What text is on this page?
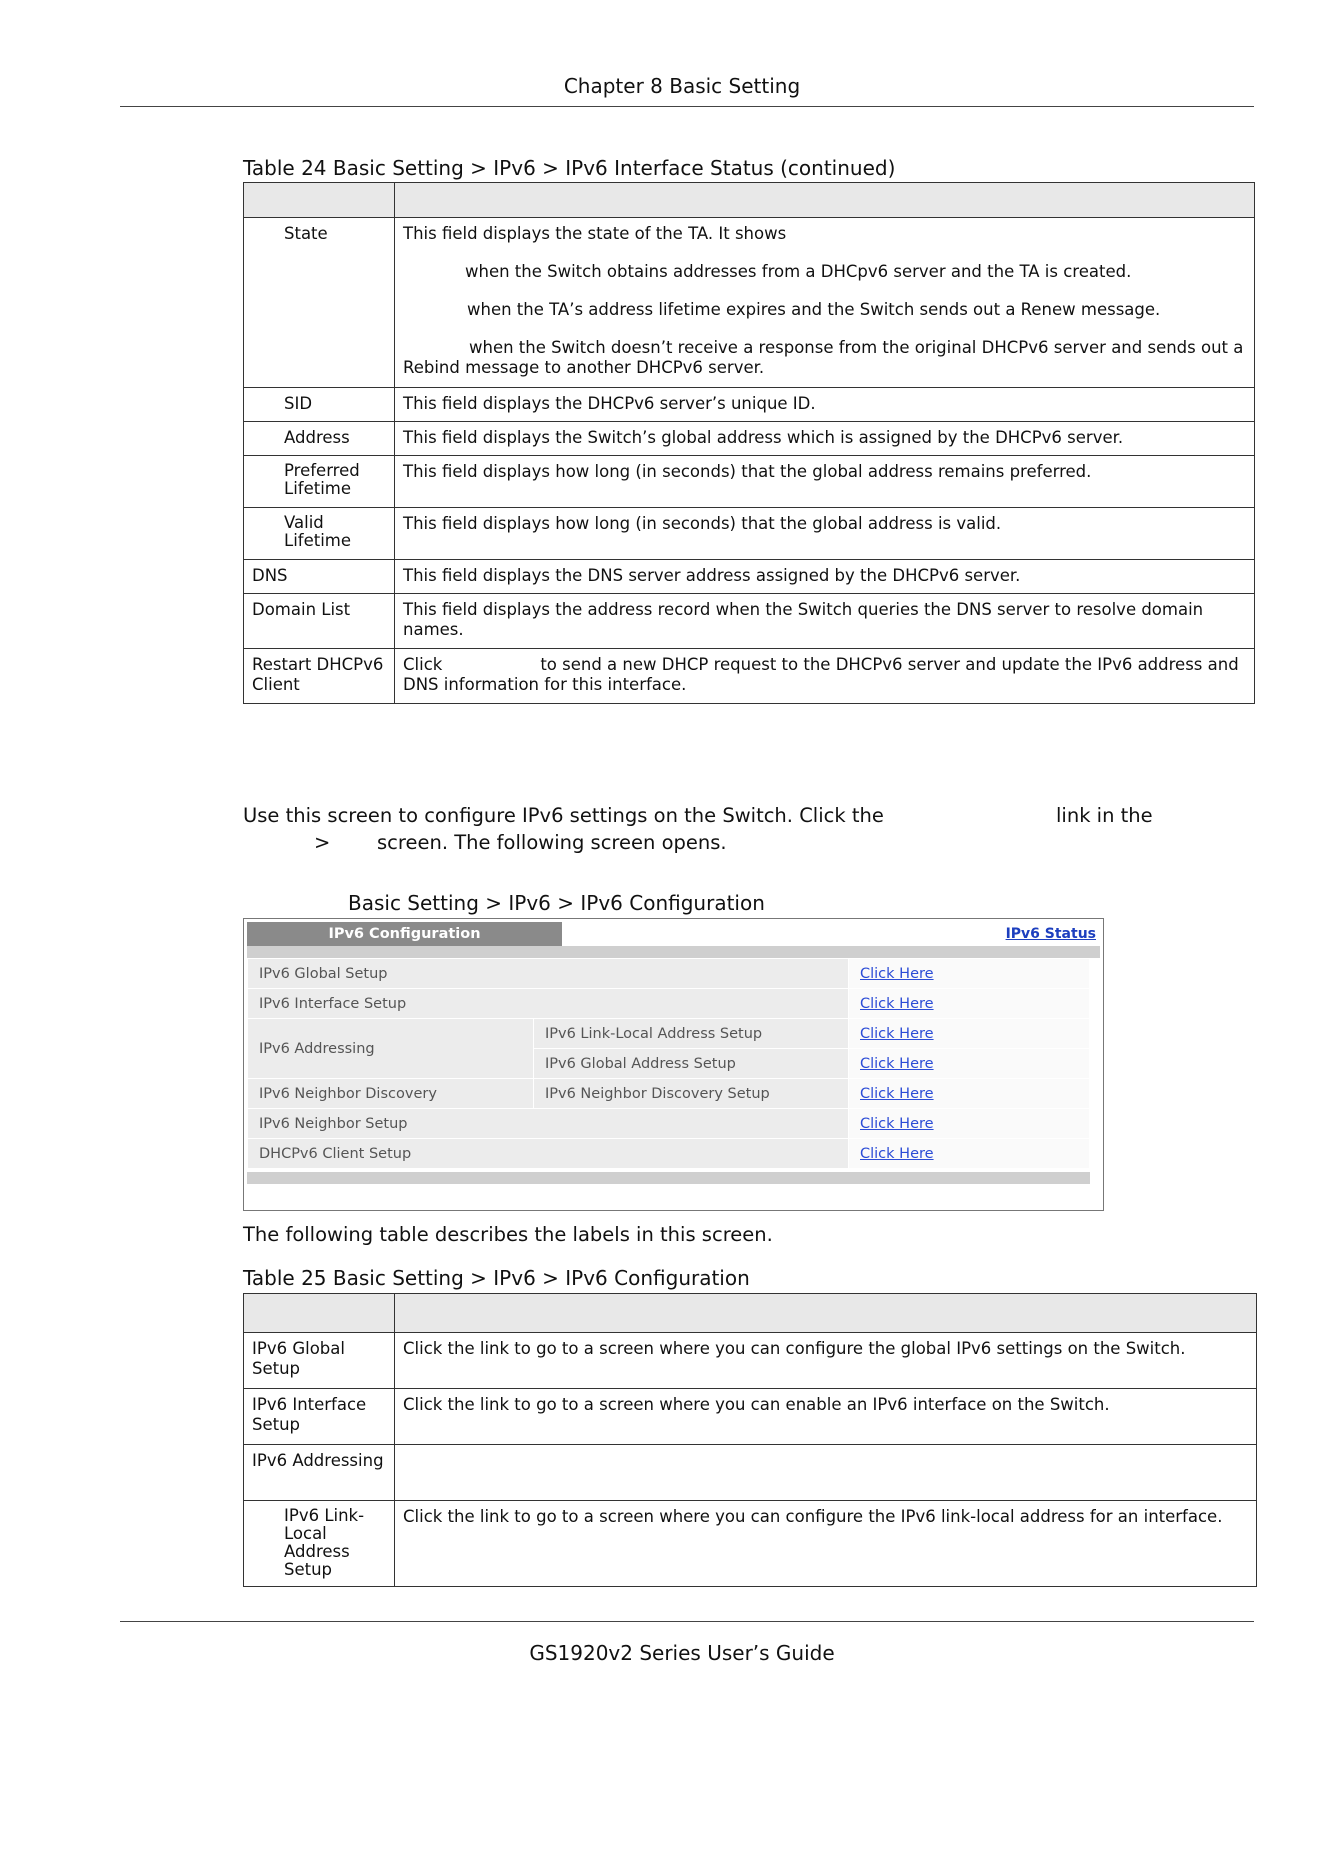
Chapter 8 Basic Setting
Table 24 Basic Setting > IPv6 > IPv6 Interface Status (continued)

State	This field displays the state of the TA. It shows
when the Switch obtains addresses from a DHCpv6 server and the TA is created.
when the TA’s address lifetime expires and the Switch sends out a Renew message.
when the Switch doesn’t receive a response from the original DHCPv6 server and sends out a Rebind message to another DHCPv6 server.

SID	This field displays the DHCPv6 server’s unique ID.
Address	This field displays the Switch’s global address which is assigned by the DHCPv6 server.
Preferred Lifetime	This field displays how long (in seconds) that the global address remains preferred.
Valid Lifetime	This field displays how long (in seconds) that the global address is valid.
DNS	This field displays the DNS server address assigned by the DHCPv6 server.
Domain List	This field displays the address record when the Switch queries the DNS server to resolve domain names.
Restart DHCPv6 Client	Click to send a new DHCP request to the DHCPv6 server and update the IPv6 address and DNS information for this interface.
Use this screen to configure IPv6 settings on the Switch. Click the	link in the
> screen. The following screen opens.
Basic Setting > IPv6 > IPv6 Configuration
IPv6 Configuration	IPv6 Status
IPv6 Global Setup		Click Here
IPv6 Interface Setup		Click Here
IPv6 Addressing	IPv6 Link-Local Address Setup	Click Here
	IPv6 Global Address Setup	Click Here
IPv6 Neighbor Discovery	IPv6 Neighbor Discovery Setup	Click Here
IPv6 Neighbor Setup		Click Here
DHCPv6 Client Setup		Click Here
The following table describes the labels in this screen.
Table 25 Basic Setting > IPv6 > IPv6 Configuration

IPv6 Global Setup	Click the link to go to a screen where you can configure the global IPv6 settings on the Switch.
IPv6 Interface Setup	Click the link to go to a screen where you can enable an IPv6 interface on the Switch.
IPv6 Addressing	
IPv6 Link-Local Address Setup	Click the link to go to a screen where you can configure the IPv6 link-local address for an interface.
GS1920v2 Series User’s Guide
